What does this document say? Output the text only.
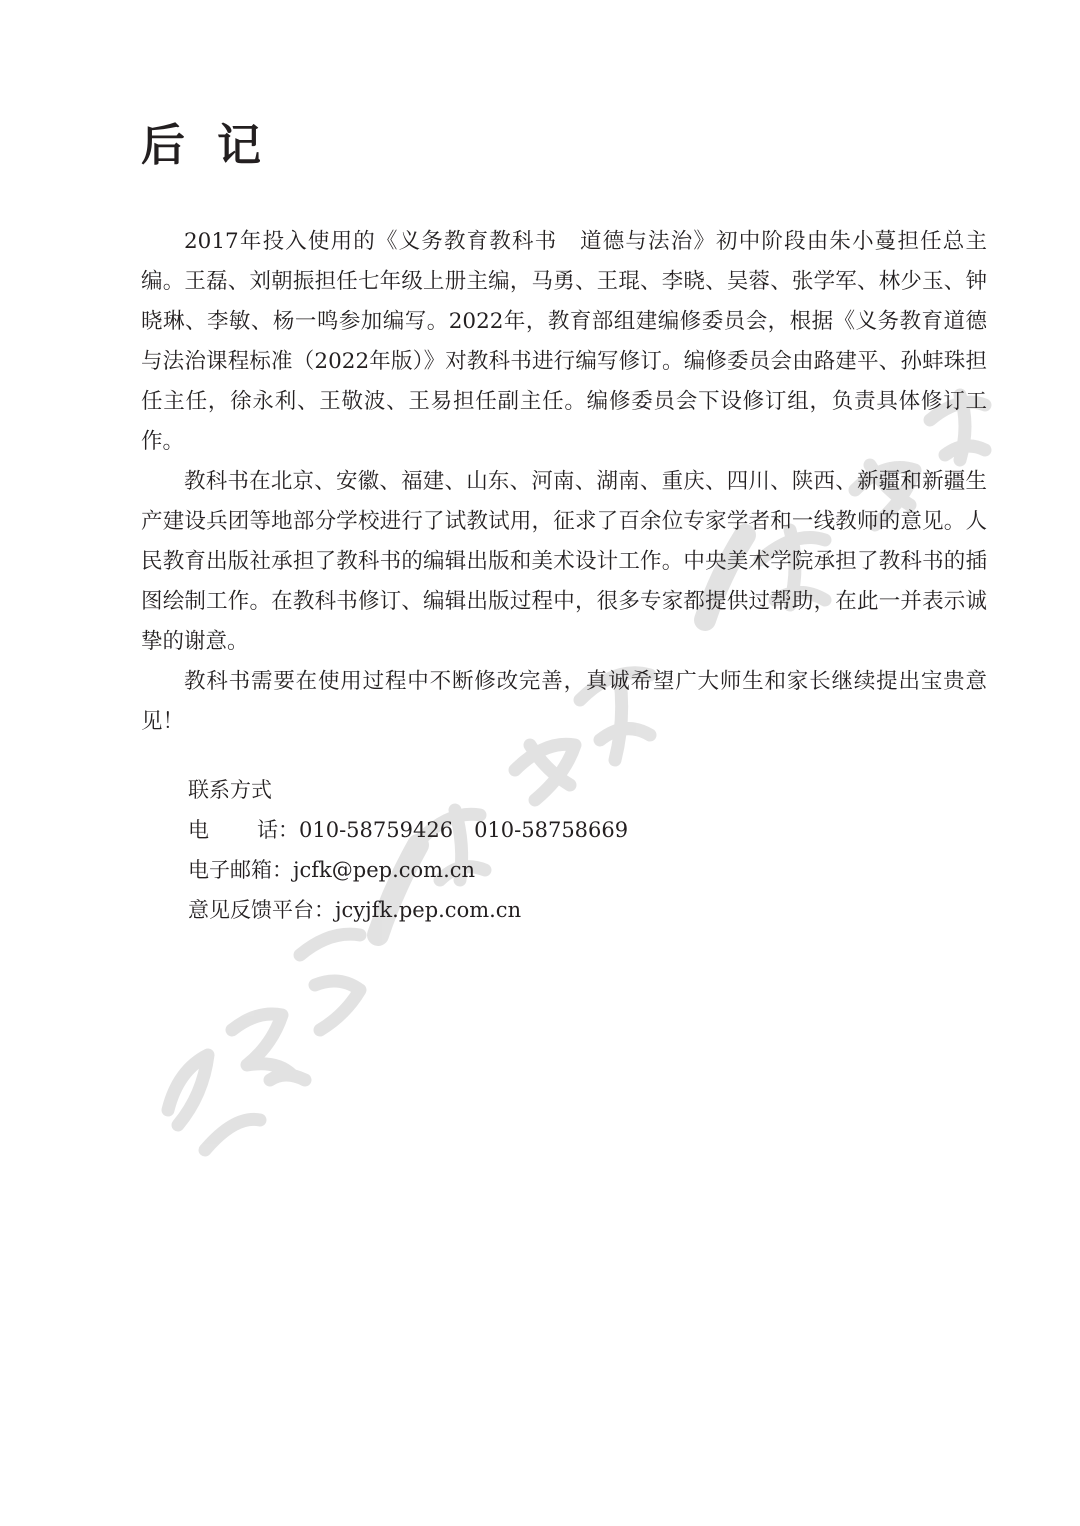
后 记

2017年投入使用的《义务教育教科书　道德与法治》初中阶段由朱小蔓担任总主编。王磊、刘朝振担任七年级上册主编，马勇、王琨、李晓、吴蓉、张学军、林少玉、钟晓琳、李敏、杨一鸣参加编写。2022年，教育部组建编修委员会，根据《义务教育道德与法治课程标准（2022年版）》对教科书进行编写修订。编修委员会由路建平、孙蚌珠担任主任，徐永利、王敬波、王易担任副主任。编修委员会下设修订组，负责具体修订工作。

教科书在北京、安徽、福建、山东、河南、湖南、重庆、四川、陕西、新疆和新疆生产建设兵团等地部分学校进行了试教试用，征求了百余位专家学者和一线教师的意见。人民教育出版社承担了教科书的编辑出版和美术设计工作。中央美术学院承担了教科书的插图绘制工作。在教科书修订、编辑出版过程中，很多专家都提供过帮助，在此一并表示诚挚的谢意。

教科书需要在使用过程中不断修改完善，真诚希望广大师生和家长继续提出宝贵意见！

联系方式

电 话：010-58759426　010-58758669

电子邮箱：jcfk@pep.com.cn

意见反馈平台：jcyjfk.pep.com.cn
